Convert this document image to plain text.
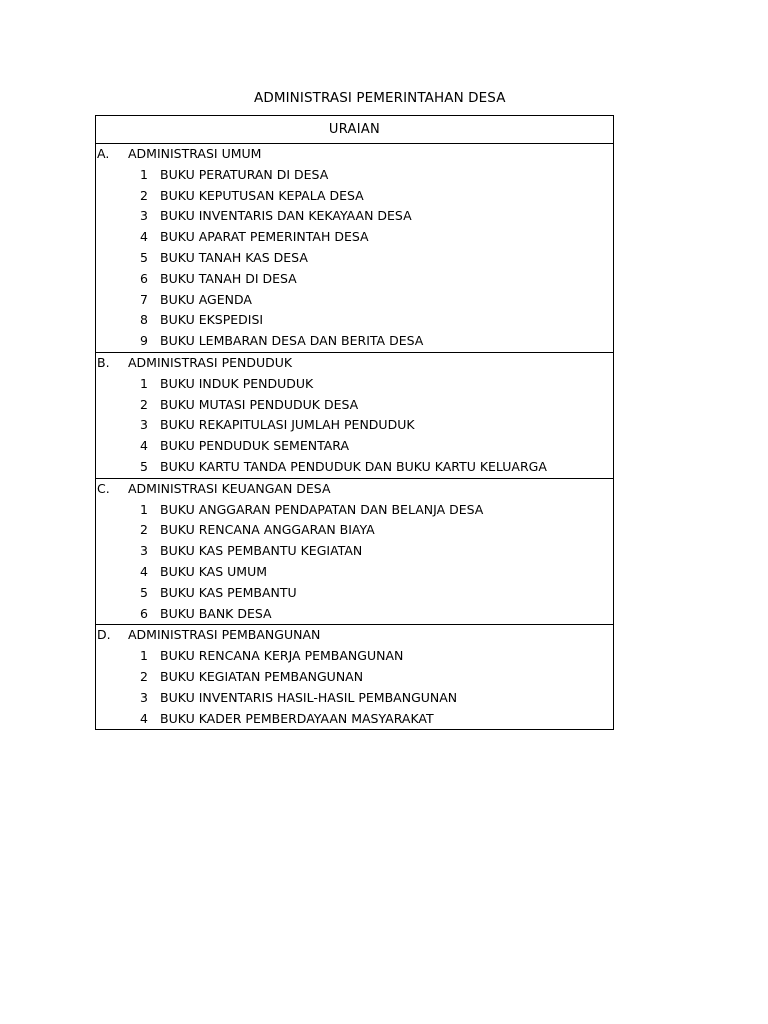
ADMINISTRASI PEMERINTAHAN DESA
URAIAN
A. ADMINISTRASI UMUM
1 BUKU PERATURAN DI DESA
2 BUKU KEPUTUSAN KEPALA DESA
3 BUKU INVENTARIS DAN KEKAYAAN DESA
4 BUKU APARAT PEMERINTAH DESA
5 BUKU TANAH KAS DESA
6 BUKU TANAH DI DESA
7 BUKU AGENDA
8 BUKU EKSPEDISI
9 BUKU LEMBARAN DESA DAN BERITA DESA
B. ADMINISTRASI PENDUDUK
1 BUKU INDUK PENDUDUK
2 BUKU MUTASI PENDUDUK DESA
3 BUKU REKAPITULASI JUMLAH PENDUDUK
4 BUKU PENDUDUK SEMENTARA
5 BUKU KARTU TANDA PENDUDUK DAN BUKU KARTU KELUARGA
C. ADMINISTRASI KEUANGAN DESA
1 BUKU ANGGARAN PENDAPATAN DAN BELANJA DESA
2 BUKU RENCANA ANGGARAN BIAYA
3 BUKU KAS PEMBANTU KEGIATAN
4 BUKU KAS UMUM
5 BUKU KAS PEMBANTU
6 BUKU BANK DESA
D. ADMINISTRASI PEMBANGUNAN
1 BUKU RENCANA KERJA PEMBANGUNAN
2 BUKU KEGIATAN PEMBANGUNAN
3 BUKU INVENTARIS HASIL-HASIL PEMBANGUNAN
4 BUKU KADER PEMBERDAYAAN MASYARAKAT
